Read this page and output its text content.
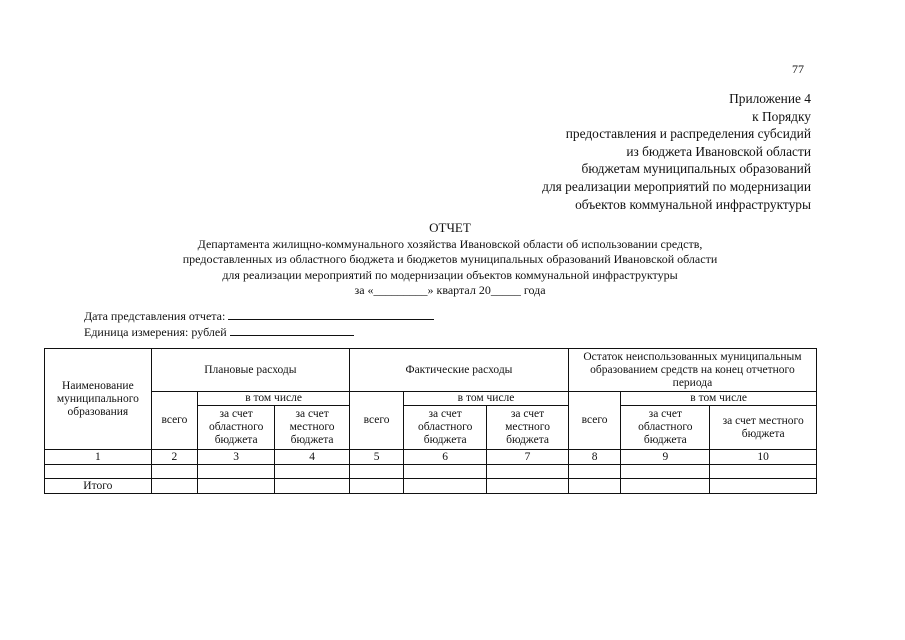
77
Приложение 4
к Порядку
предоставления и распределения субсидий
из бюджета Ивановской области
бюджетам муниципальных образований
для реализации мероприятий по модернизации
объектов коммунальной инфраструктуры
ОТЧЕТ
Департамента жилищно-коммунального хозяйства Ивановской области об использовании средств,
предоставленных из областного бюджета и бюджетов муниципальных образований Ивановской области
для реализации мероприятий по модернизации объектов коммунальной инфраструктуры
за «_________» квартал 20_____ года
Дата представления отчета:
Единица измерения: рублей
Наименование муниципального образования	Плановые расходы			Фактические расходы			Остаток неиспользованных муниципальным образованием средств на конец отчетного периода		
	всего	в том числе		всего	в том числе		всего	в том числе	
		за счет областного бюджета	за счет местного бюджета		за счет областного бюджета	за счет местного бюджета		за счет областного бюджета	за счет местного бюджета
1	2	3	4	5	6	7	8	9	10

Итого									
